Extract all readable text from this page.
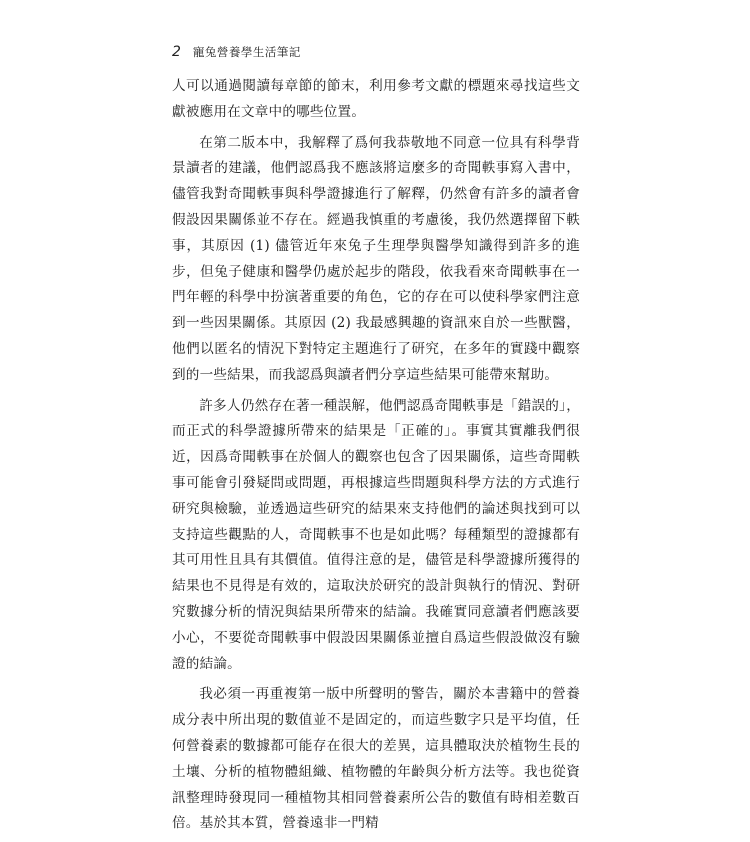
2 寵兔營養學生活筆記

人可以通過閱讀每章節的節末，利用參考文獻的標題來尋找這些文獻被應用在文章中的哪些位置。

在第二版本中，我解釋了爲何我恭敬地不同意一位具有科學背景讀者的建議，他們認爲我不應該將這麼多的奇聞軼事寫入書中，儘管我對奇聞軼事與科學證據進行了解釋，仍然會有許多的讀者會假設因果關係並不存在。經過我慎重的考慮後，我仍然選擇留下軼事，其原因 (1) 儘管近年來兔子生理學與醫學知識得到許多的進步，但兔子健康和醫學仍處於起步的階段，依我看來奇聞軼事在一門年輕的科學中扮演著重要的角色，它的存在可以使科學家們注意到一些因果關係。其原因 (2) 我最感興趣的資訊來自於一些獸醫，他們以匿名的情況下對特定主題進行了研究，在多年的實踐中觀察到的一些結果，而我認爲與讀者們分享這些結果可能帶來幫助。

許多人仍然存在著一種誤解，他們認爲奇聞軼事是「錯誤的」，而正式的科學證據所帶來的結果是「正確的」。事實其實離我們很近，因爲奇聞軼事在於個人的觀察也包含了因果關係，這些奇聞軼事可能會引發疑問或問題，再根據這些問題與科學方法的方式進行研究與檢驗，並透過這些研究的結果來支持他們的論述與找到可以支持這些觀點的人，奇聞軼事不也是如此嗎？每種類型的證據都有其可用性且具有其價值。值得注意的是，儘管是科學證據所獲得的結果也不見得是有效的，這取決於研究的設計與執行的情況、對研究數據分析的情況與結果所帶來的結論。我確實同意讀者們應該要小心，不要從奇聞軼事中假設因果關係並擅自爲這些假設做沒有驗證的結論。

我必須一再重複第一版中所聲明的警告，關於本書籍中的營養成分表中所出現的數值並不是固定的，而這些數字只是平均值，任何營養素的數據都可能存在很大的差異，這具體取決於植物生長的土壤、分析的植物體組織、植物體的年齡與分析方法等。我也從資訊整理時發現同一種植物其相同營養素所公告的數值有時相差數百倍。基於其本質，營養遠非一門精
